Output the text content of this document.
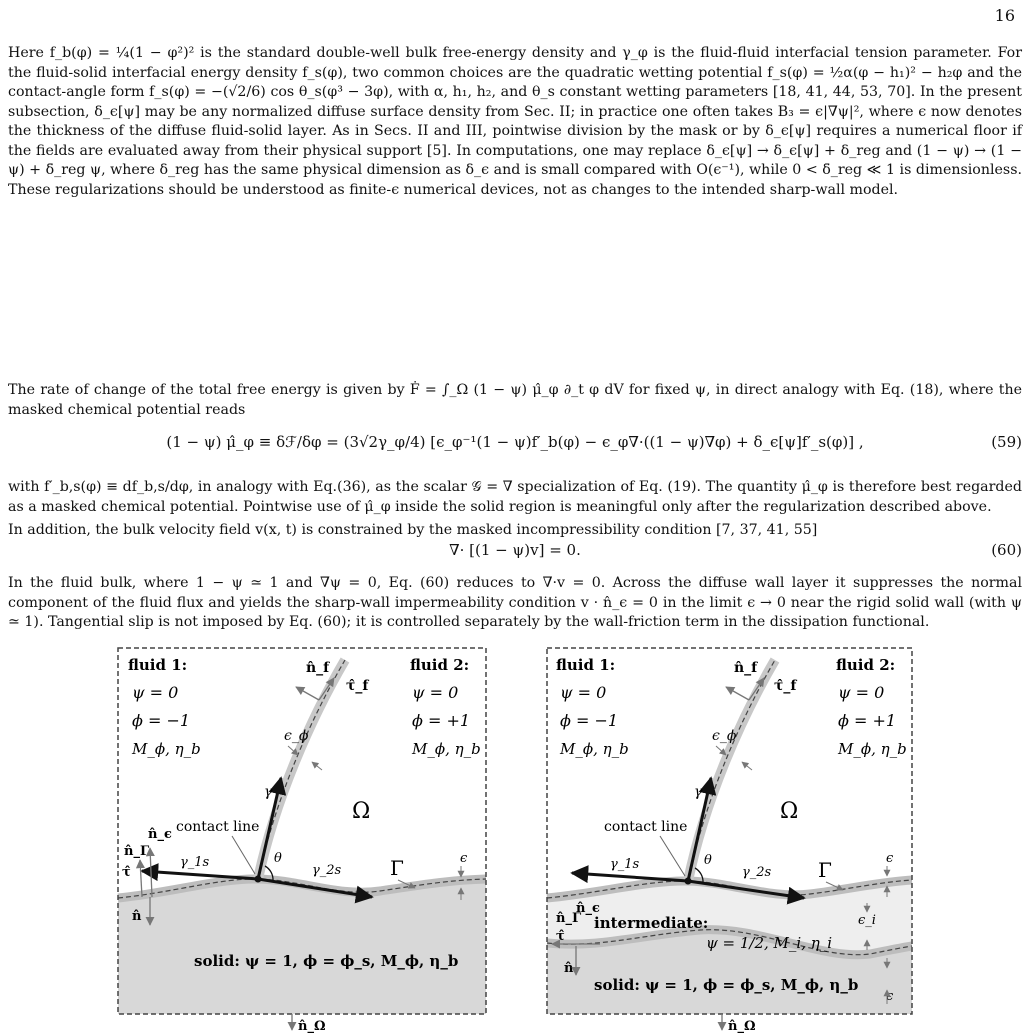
16
Here f_b(φ) = ¼(1 − φ²)² is the standard double-well bulk free-energy density and γ_φ is the fluid-fluid interfacial tension parameter. For the fluid-solid interfacial energy density f_s(φ), two common choices are the quadratic wetting potential f_s(φ) = ½α(φ − h₁)² − h₂φ and the contact-angle form f_s(φ) = −(√2/6) cos θ_s(φ³ − 3φ), with α, h₁, h₂, and θ_s constant wetting parameters [18, 41, 44, 53, 70]. In the present subsection, δ_ϵ[ψ] may be any normalized diffuse surface density from Sec. II; in practice one often takes B₃ = ϵ|∇ψ|², where ϵ now denotes the thickness of the diffuse fluid-solid layer. As in Secs. II and III, pointwise division by the mask or by δ_ϵ[ψ] requires a numerical floor if the fields are evaluated away from their physical support [5]. In computations, one may replace δ_ϵ[ψ] → δ_ϵ[ψ] + δ_reg and (1 − ψ) → (1 − ψ) + δ̄_reg ψ, where δ_reg has the same physical dimension as δ_ϵ and is small compared with O(ϵ⁻¹), while 0 < δ̄_reg ≪ 1 is dimensionless. These regularizations should be understood as finite-ϵ numerical devices, not as changes to the intended sharp-wall model.
The rate of change of the total free energy is given by Ḟ = ∫_Ω (1 − ψ) μ̂_φ ∂_t φ dV for fixed ψ, in direct analogy with Eq. (18), where the masked chemical potential reads
(1 − ψ) μ̂_φ ≡ δℱ/δφ = (3√2γ_φ/4) [ϵ_φ⁻¹(1 − ψ)f′_b(φ) − ϵ_φ∇·((1 − ψ)∇φ) + δ_ϵ[ψ]f′_s(φ)] ,	(59)
with f′_b,s(φ) ≡ df_b,s/dφ, in analogy with Eq.(36), as the scalar 𝒢 = ∇ specialization of Eq. (19). The quantity μ̂_φ is therefore best regarded as a masked chemical potential. Pointwise use of μ̂_φ inside the solid region is meaningful only after the regularization described above.
In addition, the bulk velocity field v(x, t) is constrained by the masked incompressibility condition [7, 37, 41, 55]
∇· [(1 − ψ)v] = 0.	(60)
In the fluid bulk, where 1 − ψ ≃ 1 and ∇ψ = 0, Eq. (60) reduces to ∇·v = 0. Across the diffuse wall layer it suppresses the normal component of the fluid flux and yields the sharp-wall impermeability condition v · n̂_ϵ = 0 in the limit ϵ → 0 near the rigid solid wall (with ψ ≃ 1). Tangential slip is not imposed by Eq. (60); it is controlled separately by the wall-friction term in the dissipation functional.
fluid 1:
ψ = 0
ϕ = −1
M_ϕ, η_b
fluid 2:
ψ = 0
ϕ = +1
M_ϕ, η_b
Ω
contact line
γ
γ_1s
γ_2s
θ	Γ
n̂_f
τ̂_f
ϵ_ϕ
ϵ
n̂_Γ
n̂_ϵ
τ̂
n̂
solid: ψ = 1, ϕ = ϕ_s, M_ϕ, η_b
n̂_Ω
fluid 1:
ψ = 0
ϕ = −1
M_ϕ, η_b
fluid 2:
ψ = 0
ϕ = +1
M_ϕ, η_b
Ω
contact line
γ
γ_1s
γ_2s
θ	Γ
n̂_f
τ̂_f
ϵ_ϕ
ϵ
ϵ_i
ϵ
n̂_Γ
n̂_ϵ
τ̂
n̂
intermediate:
ψ = 1/2, M_i, η_i
solid: ψ = 1, ϕ = ϕ_s, M_ϕ, η_b
n̂_Ω
